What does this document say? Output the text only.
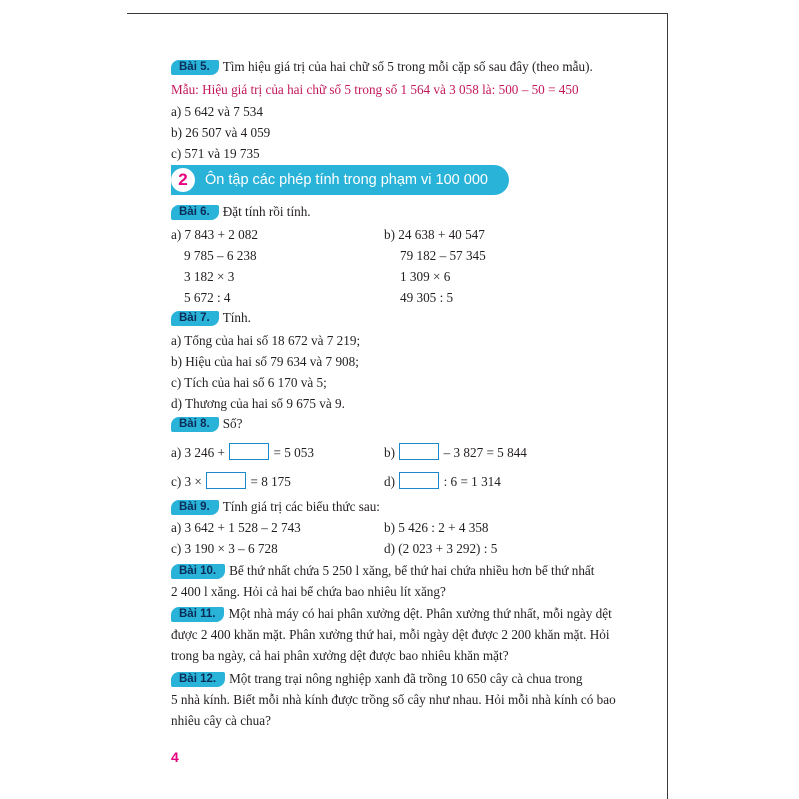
Bài 5. Tìm hiệu giá trị của hai chữ số 5 trong mỗi cặp số sau đây (theo mẫu).
Mẫu: Hiệu giá trị của hai chữ số 5 trong số 1 564 và 3 058 là: 500 – 50 = 450
a) 5 642 và 7 534
b) 26 507 và 4 059
c) 571 và 19 735
2	Ôn tập các phép tính trong phạm vi 100 000
Bài 6. Đặt tính rồi tính.
a) 7 843 + 2 082	b) 24 638 + 40 547
9 785 – 6 238	79 182 – 57 345
3 182 × 3	1 309 × 6
5 672 : 4	49 305 : 5
Bài 7. Tính.
a) Tổng của hai số 18 672 và 7 219;
b) Hiệu của hai số 79 634 và 7 908;
c) Tích của hai số 6 170 và 5;
d) Thương của hai số 9 675 và 9.
Bài 8. Số?
a) 3 246 +	= 5 053	b)	– 3 827 = 5 844
c) 3 ×	= 8 175	d)	: 6 = 1 314
Bài 9. Tính giá trị các biểu thức sau:
a) 3 642 + 1 528 – 2 743	b) 5 426 : 2 + 4 358
c) 3 190 × 3 – 6 728	d) (2 023 + 3 292) : 5
Bài 10. Bể thứ nhất chứa 5 250 l xăng, bể thứ hai chứa nhiều hơn bể thứ nhất
2 400 l xăng. Hỏi cả hai bể chứa bao nhiêu lít xăng?
Bài 11. Một nhà máy có hai phân xưởng dệt. Phân xưởng thứ nhất, mỗi ngày dệt
được 2 400 khăn mặt. Phân xưởng thứ hai, mỗi ngày dệt được 2 200 khăn mặt. Hỏi
trong ba ngày, cả hai phân xưởng dệt được bao nhiêu khăn mặt?
Bài 12. Một trang trại nông nghiệp xanh đã trồng 10 650 cây cà chua trong
5 nhà kính. Biết mỗi nhà kính được trồng số cây như nhau. Hỏi mỗi nhà kính có bao
nhiêu cây cà chua?
4
